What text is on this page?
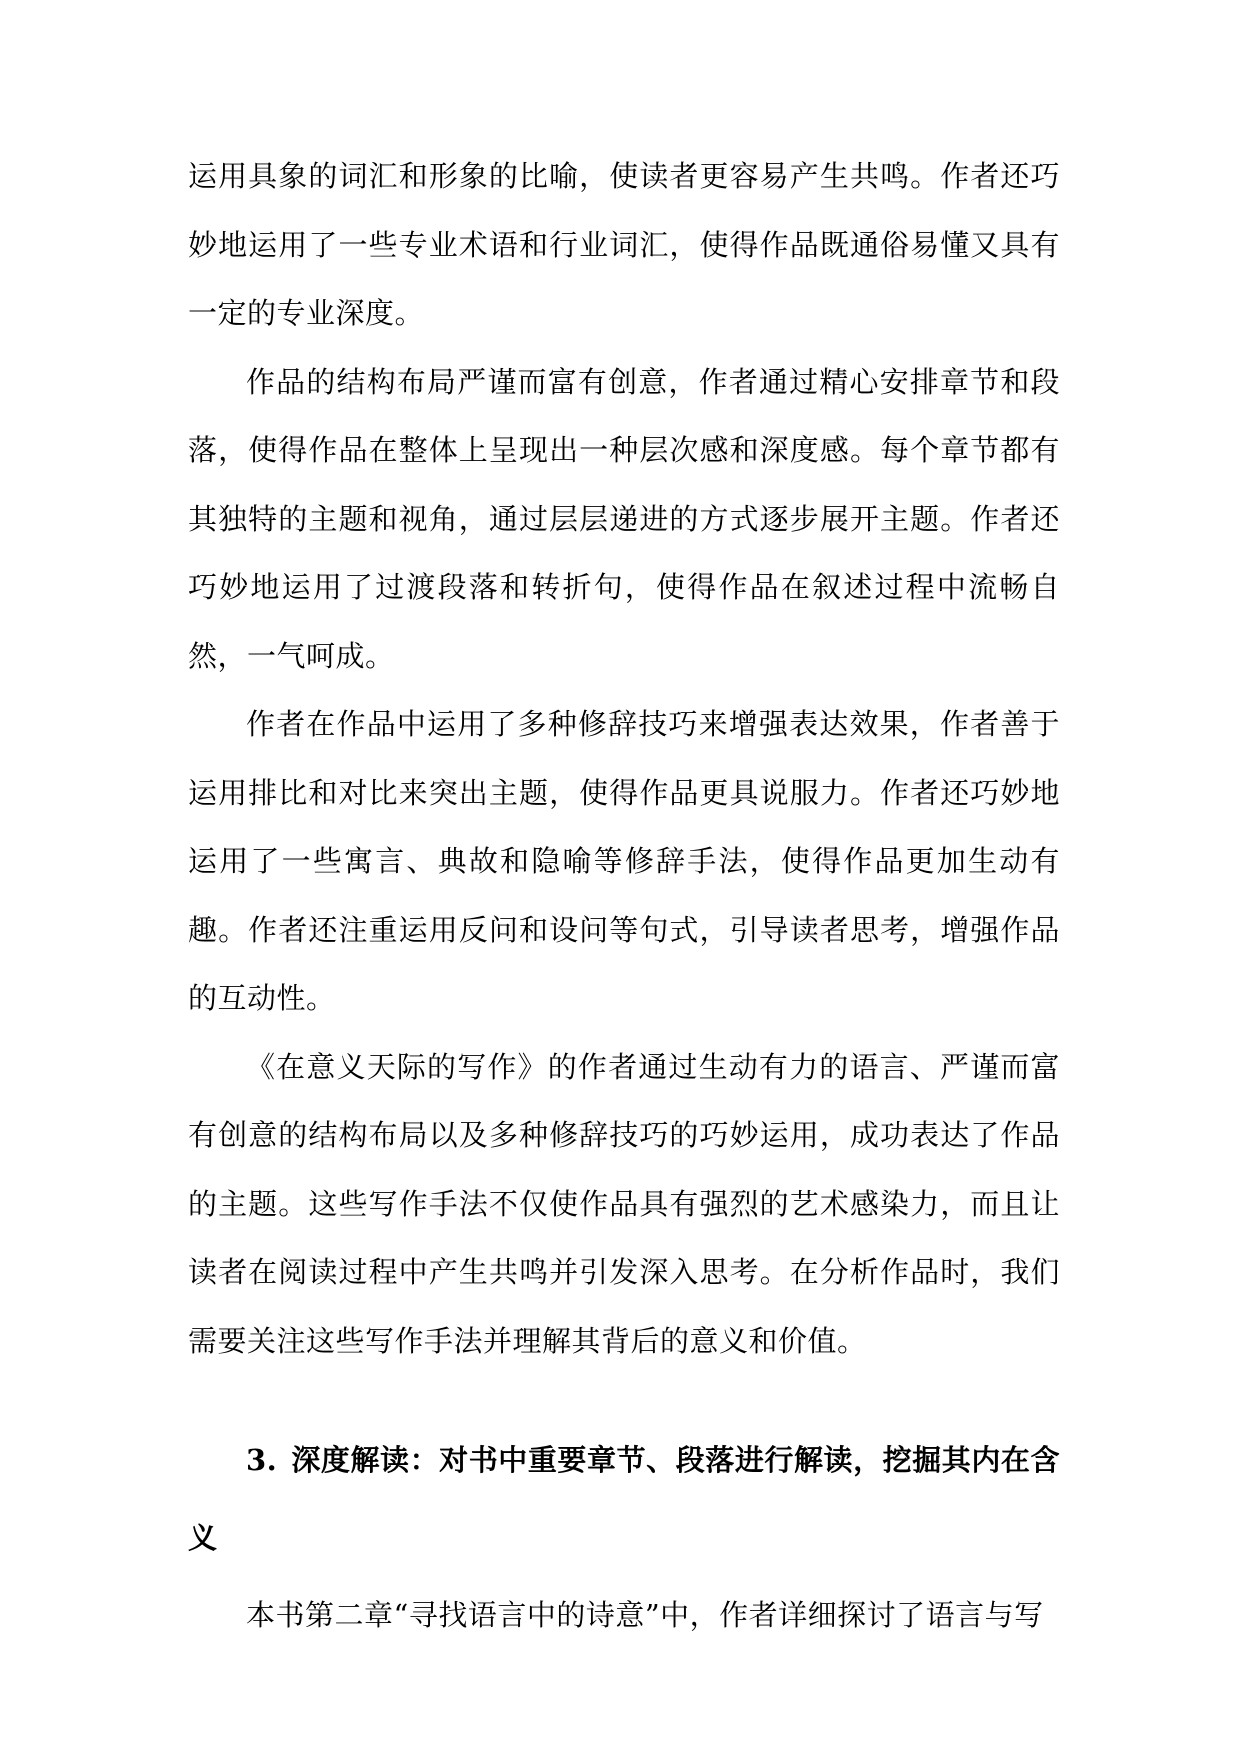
运用具象的词汇和形象的比喻，使读者更容易产生共鸣。作者还巧妙地运用了一些专业术语和行业词汇，使得作品既通俗易懂又具有一定的专业深度。

作品的结构布局严谨而富有创意，作者通过精心安排章节和段落，使得作品在整体上呈现出一种层次感和深度感。每个章节都有其独特的主题和视角，通过层层递进的方式逐步展开主题。作者还巧妙地运用了过渡段落和转折句，使得作品在叙述过程中流畅自然，一气呵成。

作者在作品中运用了多种修辞技巧来增强表达效果，作者善于运用排比和对比来突出主题，使得作品更具说服力。作者还巧妙地运用了一些寓言、典故和隐喻等修辞手法，使得作品更加生动有趣。作者还注重运用反问和设问等句式，引导读者思考，增强作品的互动性。

《在意义天际的写作》的作者通过生动有力的语言、严谨而富有创意的结构布局以及多种修辞技巧的巧妙运用，成功表达了作品的主题。这些写作手法不仅使作品具有强烈的艺术感染力，而且让读者在阅读过程中产生共鸣并引发深入思考。在分析作品时，我们需要关注这些写作手法并理解其背后的意义和价值。

3. 深度解读：对书中重要章节、段落进行解读，挖掘其内在含义

本书第二章“寻找语言中的诗意”中，作者详细探讨了语言与写
